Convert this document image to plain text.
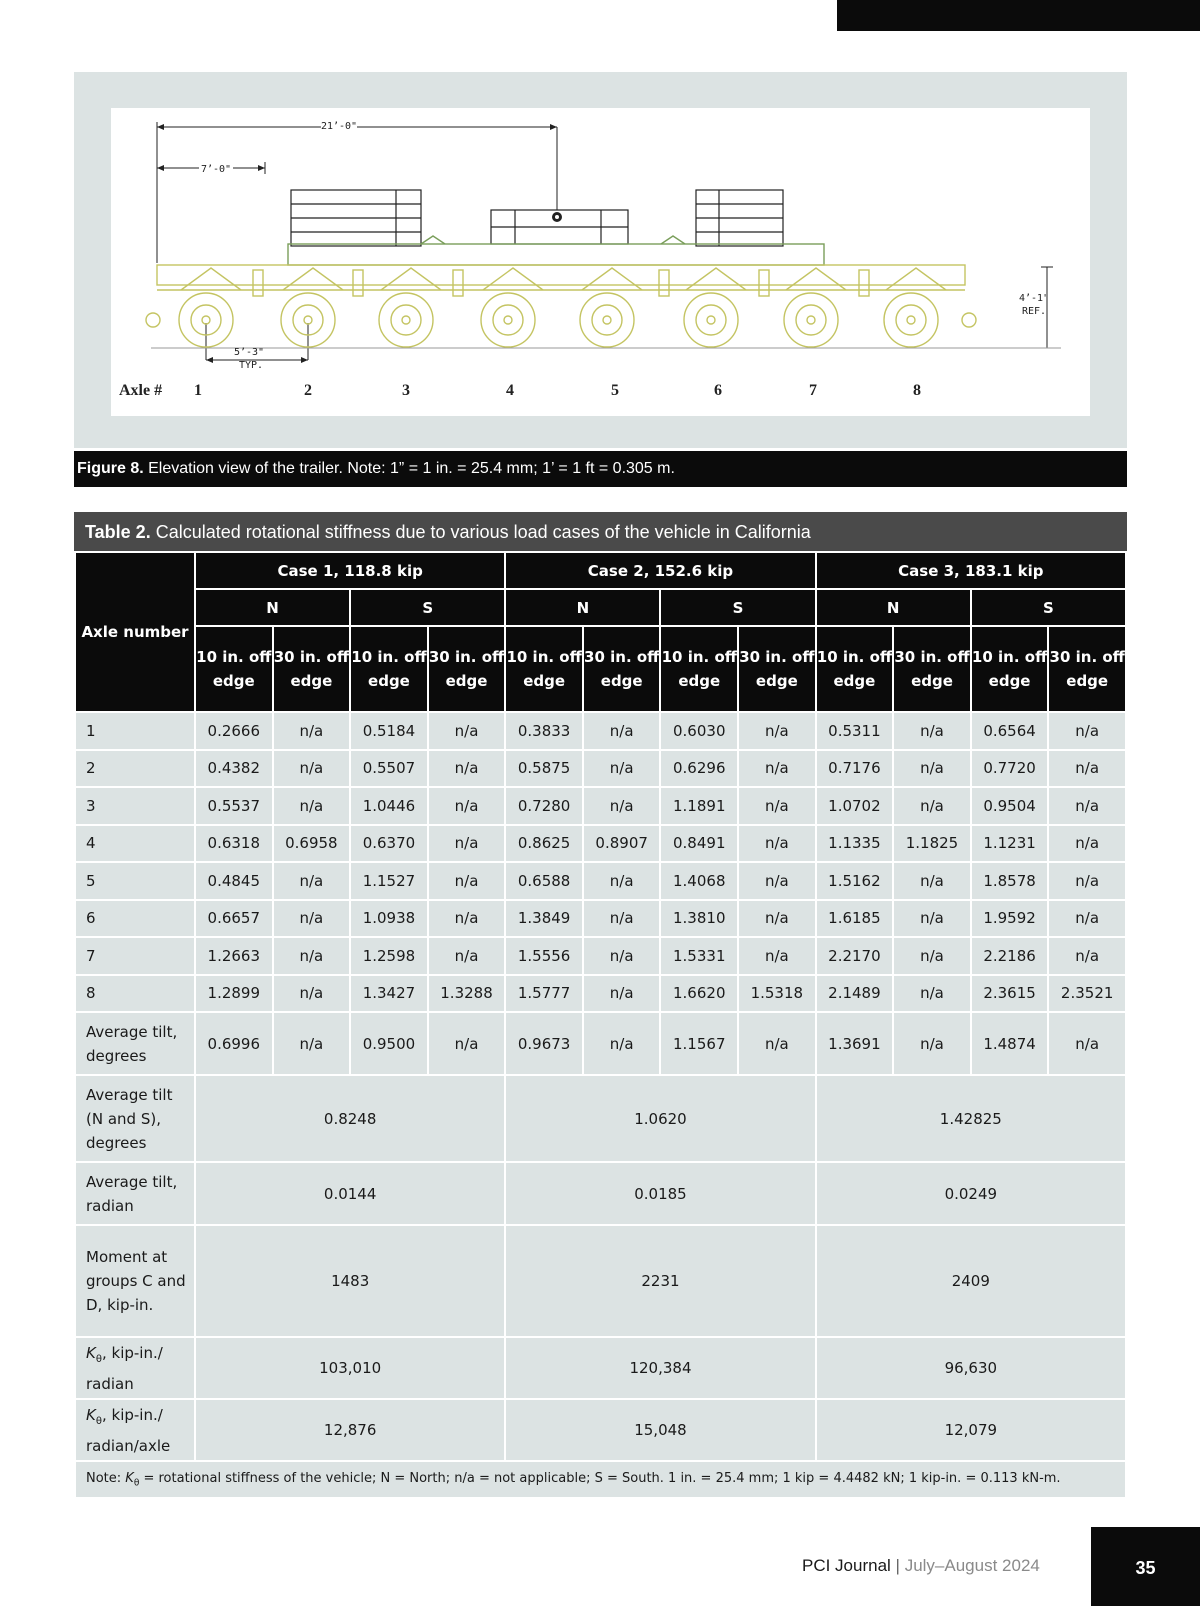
21’-0"
7’-0"
5’-3"
TYP.
4’-1"
REF.
Axle # 1	2	3	4	5	6	7	8
Figure 8. Elevation view of the trailer. Note: 1” = 1 in. = 25.4 mm; 1’ = 1 ft = 0.305 m.
Table 2. Calculated rotational stiffness due to various load cases of the vehicle in California
Axle number	Case 1, 118.8 kip				Case 2, 152.6 kip				Case 3, 183.1 kip			
	N		S		N		S		N		S	
	10 in. off edge	30 in. off edge	10 in. off edge	30 in. off edge	10 in. off edge	30 in. off edge	10 in. off edge	30 in. off edge	10 in. off edge	30 in. off edge	10 in. off edge	30 in. off edge
1	0.2666	n/a	0.5184	n/a	0.3833	n/a	0.6030	n/a	0.5311	n/a	0.6564	n/a
2	0.4382	n/a	0.5507	n/a	0.5875	n/a	0.6296	n/a	0.7176	n/a	0.7720	n/a
3	0.5537	n/a	1.0446	n/a	0.7280	n/a	1.1891	n/a	1.0702	n/a	0.9504	n/a
4	0.6318	0.6958	0.6370	n/a	0.8625	0.8907	0.8491	n/a	1.1335	1.1825	1.1231	n/a
5	0.4845	n/a	1.1527	n/a	0.6588	n/a	1.4068	n/a	1.5162	n/a	1.8578	n/a
6	0.6657	n/a	1.0938	n/a	1.3849	n/a	1.3810	n/a	1.6185	n/a	1.9592	n/a
7	1.2663	n/a	1.2598	n/a	1.5556	n/a	1.5331	n/a	2.2170	n/a	2.2186	n/a
8	1.2899	n/a	1.3427	1.3288	1.5777	n/a	1.6620	1.5318	2.1489	n/a	2.3615	2.3521
Average tilt, degrees	0.6996	n/a	0.9500	n/a	0.9673	n/a	1.1567	n/a	1.3691	n/a	1.4874	n/a
Average tilt (N and S), degrees	0.8248				1.0620				1.42825			
Average tilt, radian	0.0144				0.0185				0.0249			
Moment at groups C and D, kip-in.	1483				2231				2409			
$K_\theta$, kip-in./ radian	103,010				120,384				96,630			
$K_\theta$, kip-in./ radian/axle	12,876				15,048				12,079			
Note: $K_\theta$ = rotational stiffness of the vehicle; N = North; n/a = not applicable; S = South. 1 in. = 25.4 mm; 1 kip = 4.4482 kN; 1 kip-in. = 0.113 kN-m.												
PCI Journal | July–August 2024	35
